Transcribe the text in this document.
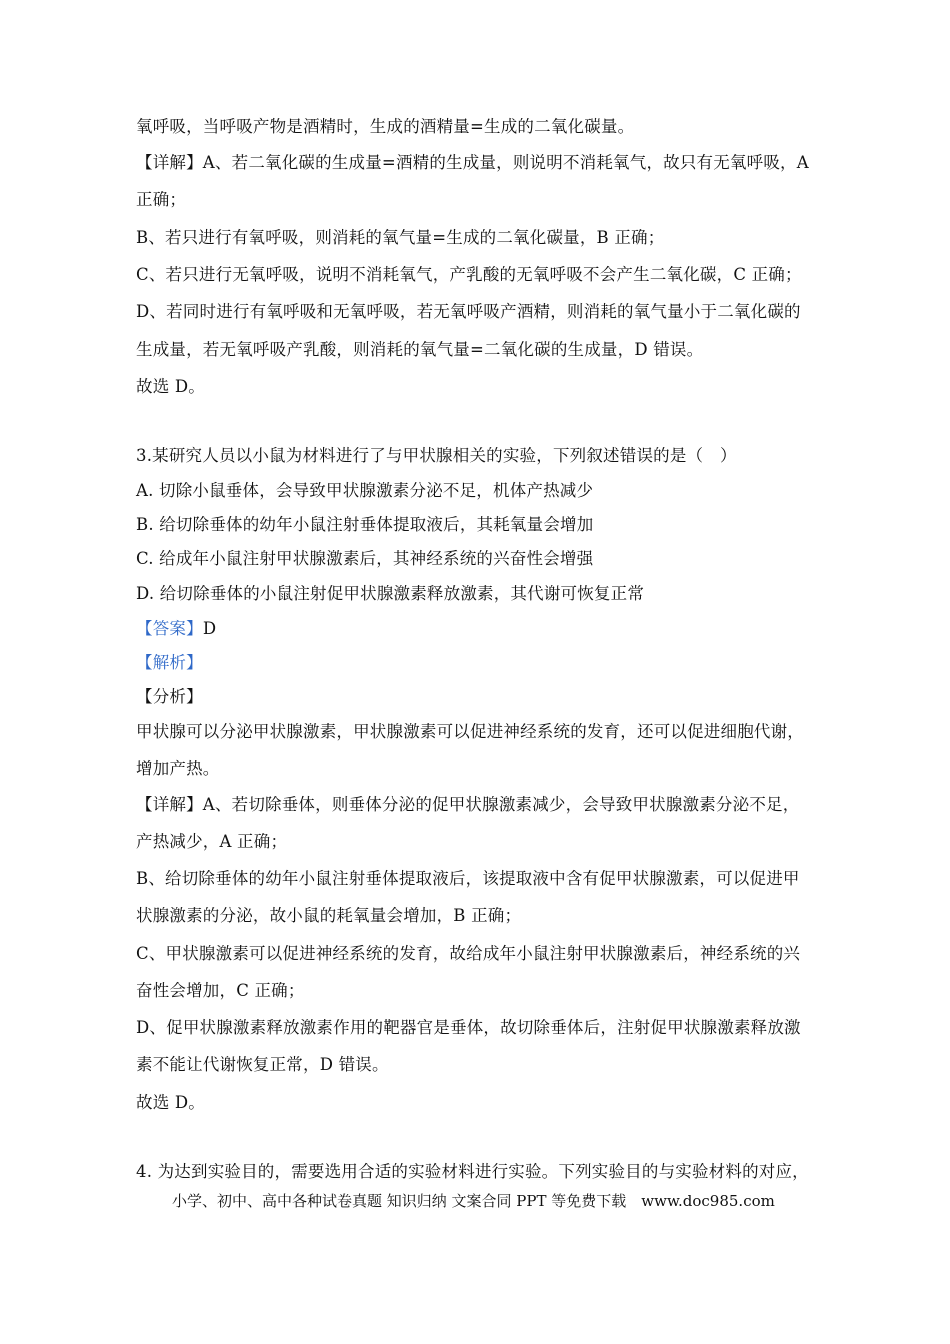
氧呼吸，当呼吸产物是酒精时，生成的酒精量=生成的二氧化碳量。
【详解】A、若二氧化碳的生成量=酒精的生成量，则说明不消耗氧气，故只有无氧呼吸，A
正确；
B、若只进行有氧呼吸，则消耗的氧气量=生成的二氧化碳量，B 正确；
C、若只进行无氧呼吸，说明不消耗氧气，产乳酸的无氧呼吸不会产生二氧化碳，C 正确；
D、若同时进行有氧呼吸和无氧呼吸，若无氧呼吸产酒精，则消耗的氧气量小于二氧化碳的
生成量，若无氧呼吸产乳酸，则消耗的氧气量=二氧化碳的生成量，D 错误。
故选 D。
3.某研究人员以小鼠为材料进行了与甲状腺相关的实验，下列叙述错误的是（　）
A. 切除小鼠垂体，会导致甲状腺激素分泌不足，机体产热减少
B. 给切除垂体的幼年小鼠注射垂体提取液后，其耗氧量会增加
C. 给成年小鼠注射甲状腺激素后，其神经系统的兴奋性会增强
D. 给切除垂体的小鼠注射促甲状腺激素释放激素，其代谢可恢复正常
【答案】D
【解析】
【分析】
甲状腺可以分泌甲状腺激素，甲状腺激素可以促进神经系统的发育，还可以促进细胞代谢，
增加产热。
【详解】A、若切除垂体，则垂体分泌的促甲状腺激素减少，会导致甲状腺激素分泌不足，
产热减少，A 正确；
B、给切除垂体的幼年小鼠注射垂体提取液后，该提取液中含有促甲状腺激素，可以促进甲
状腺激素的分泌，故小鼠的耗氧量会增加，B 正确；
C、甲状腺激素可以促进神经系统的发育，故给成年小鼠注射甲状腺激素后，神经系统的兴
奋性会增加，C 正确；
D、促甲状腺激素释放激素作用的靶器官是垂体，故切除垂体后，注射促甲状腺激素释放激
素不能让代谢恢复正常，D 错误。
故选 D。
4. 为达到实验目的，需要选用合适的实验材料进行实验。下列实验目的与实验材料的对应，
小学、初中、高中各种试卷真题 知识归纳 文案合同 PPT 等免费下载　www.doc985.com
